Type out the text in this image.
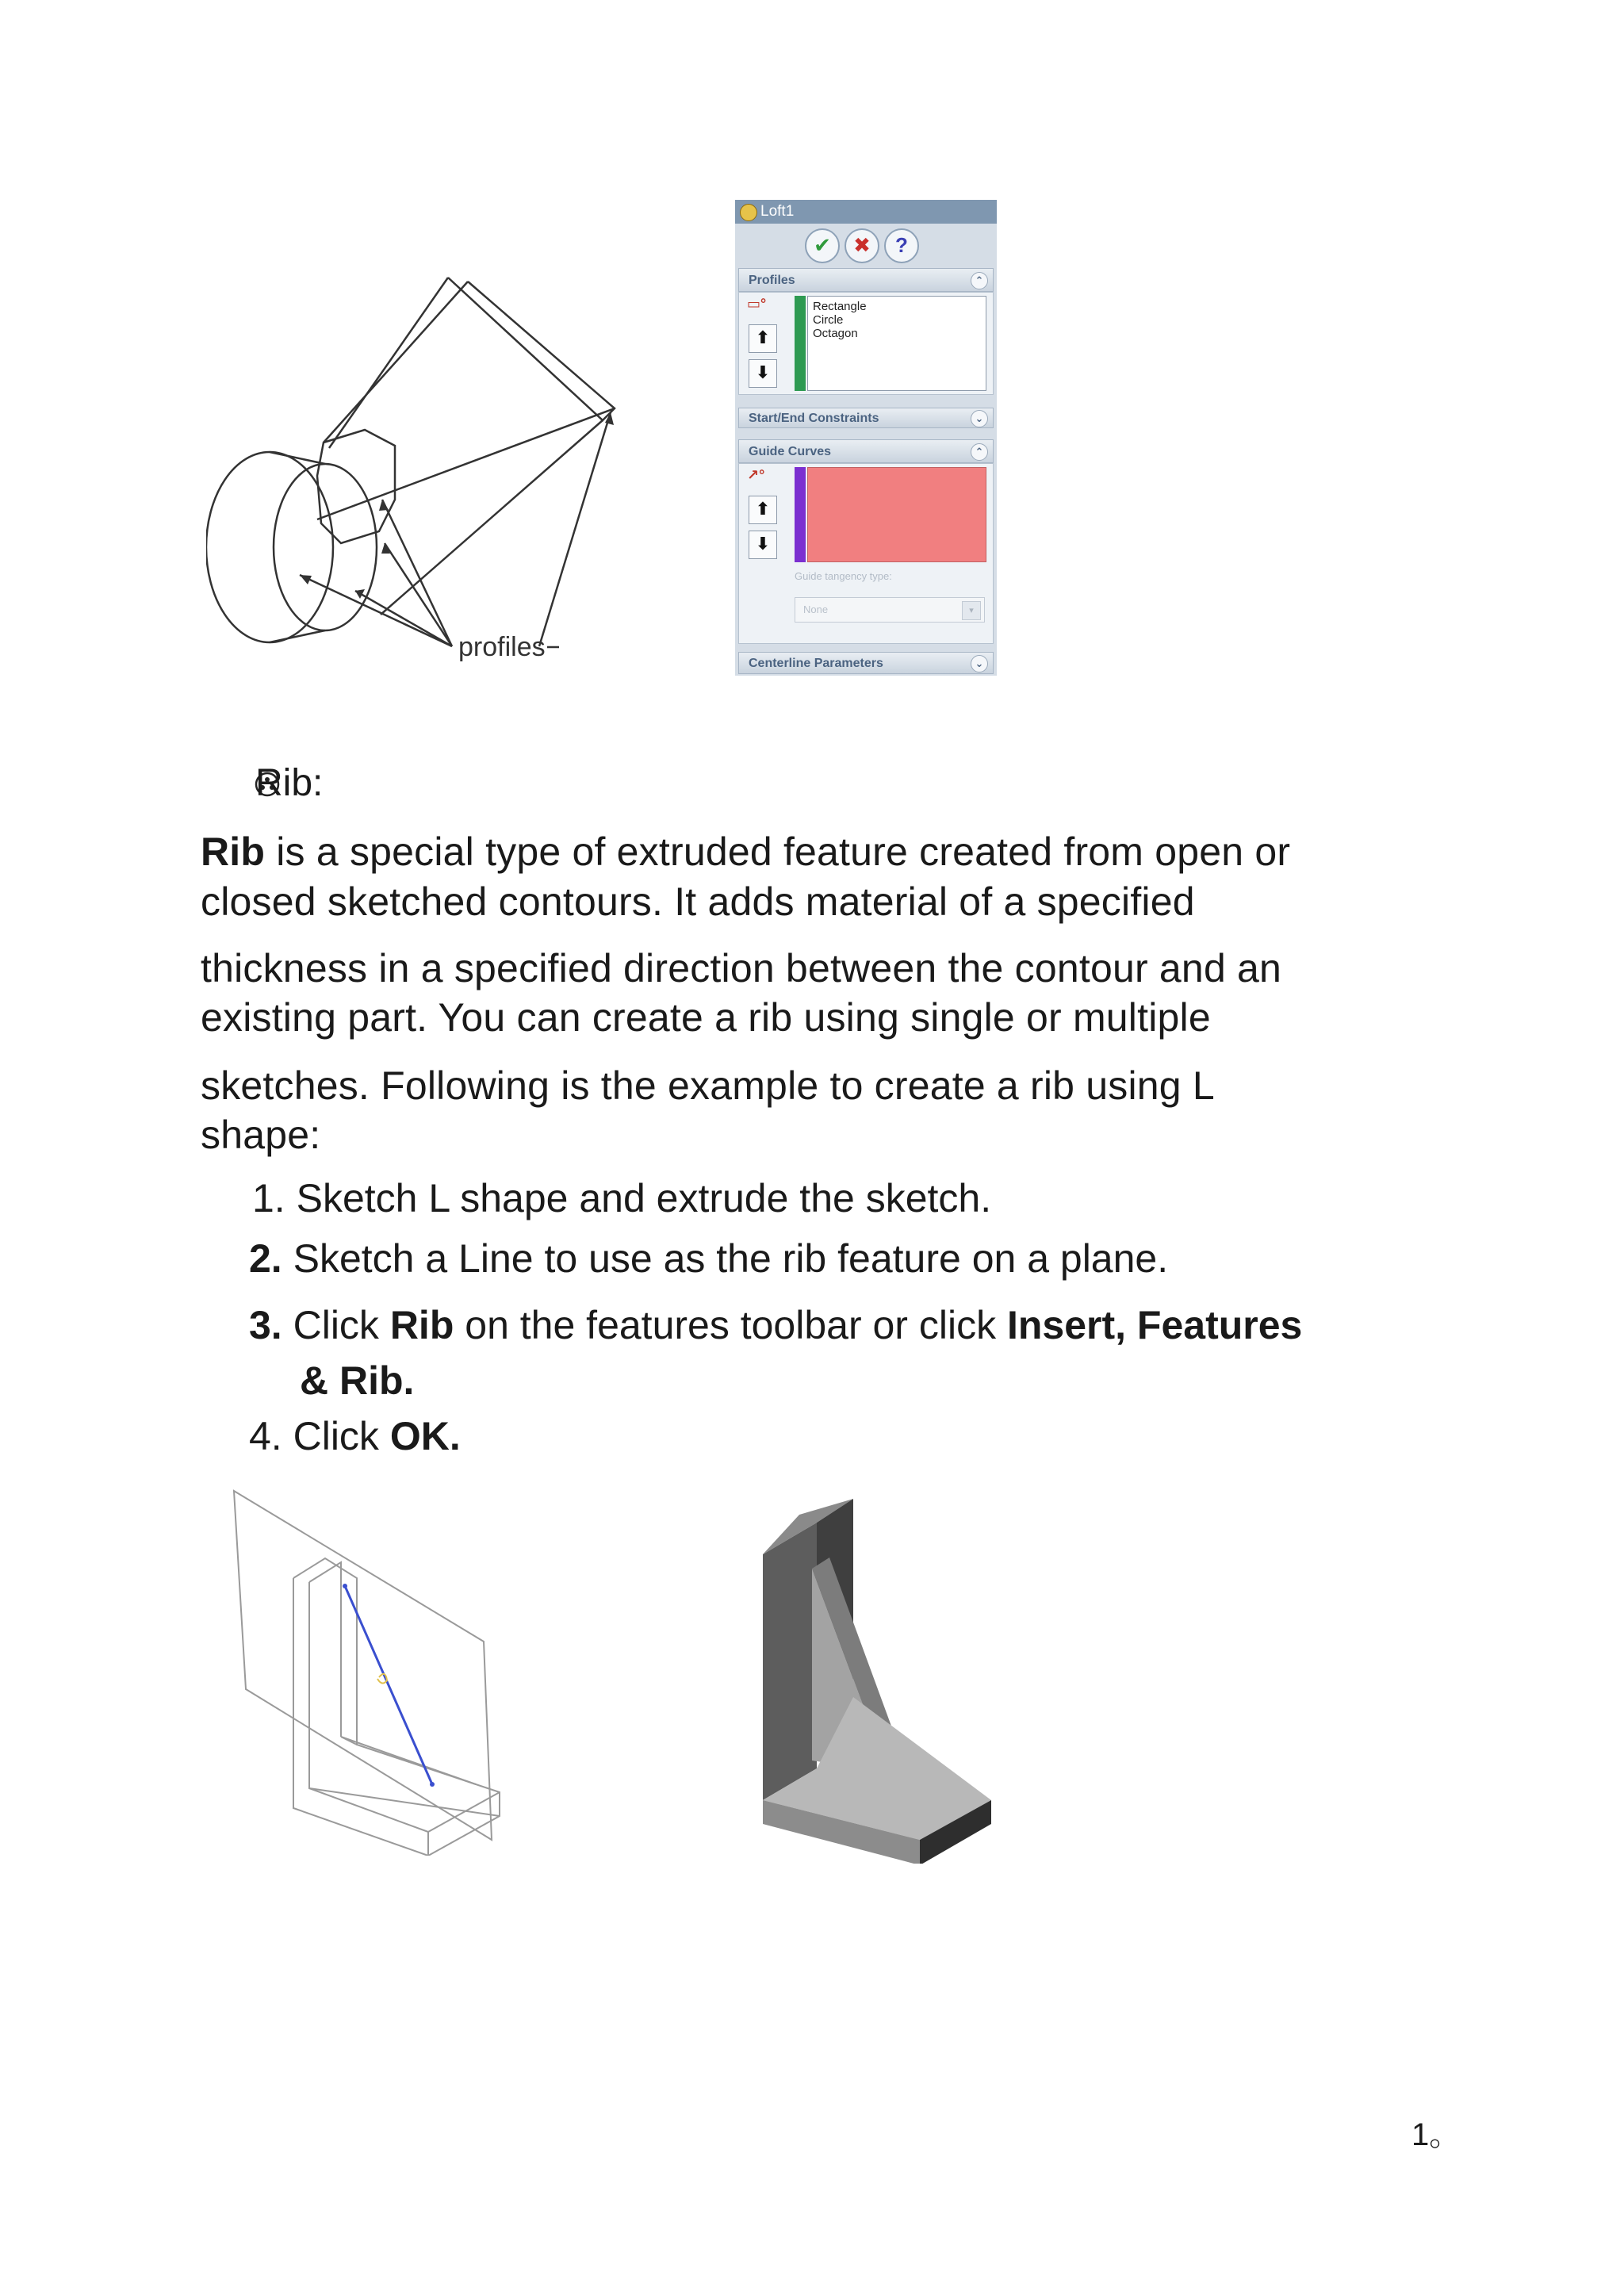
profiles
Loft1
✔	✖	?
Profiles	⌃
▭°
⬆
⬇
Rectangle
Circle
Octagon
Start/End Constraints	⌄
Guide Curves	⌃
↗°
⬆
⬇
Guide tangency type:
None	▾
Centerline Parameters	⌄
Rib:
Rib is a special type of extruded feature created from open or
closed sketched contours. It adds material of a specified
thickness in a specified direction between the contour and an
existing part. You can create a rib using single or multiple
sketches. Following is the example to create a rib using L
shape:
1. Sketch L shape and extrude the sketch.
2. Sketch a Line to use as the rib feature on a plane.
3. Click Rib on the features toolbar or click Insert, Features
& Rib.
4. Click OK.
1。
